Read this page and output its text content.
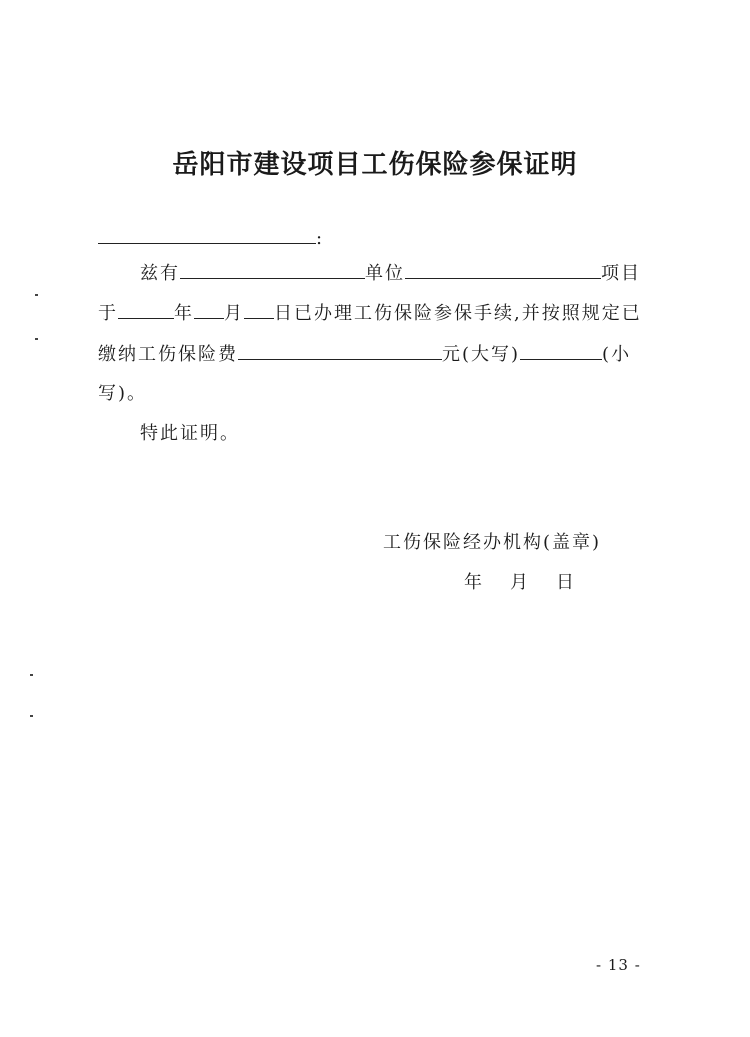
岳阳市建设项目工伤保险参保证明
:
兹有	单位	项目
于	年 月 日已办理工伤保险参保手续,并按照规定已
缴纳工伤保险费	元(大写)	(小
写)。
特此证明。
工伤保险经办机构(盖章)
年 月 日
- 13 -
